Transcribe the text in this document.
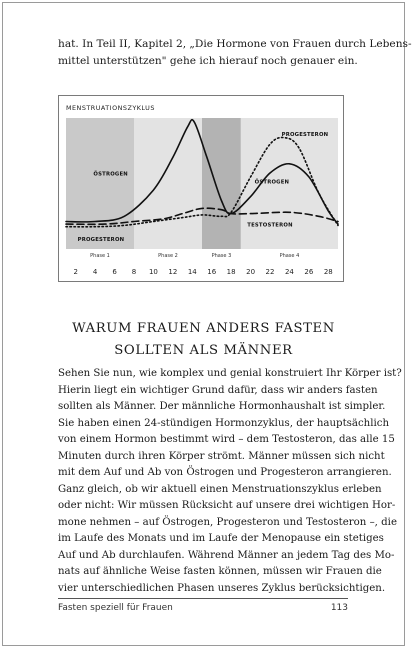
hat. In Teil II, Kapitel 2, „Die Hormone von Frauen durch Lebens-
mittel unterstützen" gehe ich hierauf noch genauer ein.
MENSTRUATIONSZYKLUS
Phase 1	Phase 2	Phase 3	Phase 4
2 4 6 8 10 12 14 16 18 20 22 24 26 28
ÖSTROGEN
PROGESTERON
ÖSTROGEN
TESTOSTERON
PROGESTERON
WARUM FRAUEN ANDERS FASTEN
SOLLTEN ALS MÄNNER
Sehen Sie nun, wie komplex und genial konstruiert Ihr Körper ist?
Hierin liegt ein wichtiger Grund dafür, dass wir anders fasten
sollten als Männer. Der männliche Hormonhaushalt ist simpler.
Sie haben einen 24-stündigen Hormonzyklus, der hauptsächlich
von einem Hormon bestimmt wird – dem Testosteron, das alle 15
Minuten durch ihren Körper strömt. Männer müssen sich nicht
mit dem Auf und Ab von Östrogen und Progesteron arrangieren.
Ganz gleich, ob wir aktuell einen Menstruationszyklus erleben
oder nicht: Wir müssen Rücksicht auf unsere drei wichtigen Hor-
mone nehmen – auf Östrogen, Progesteron und Testosteron –, die
im Laufe des Monats und im Laufe der Menopause ein stetiges
Auf und Ab durchlaufen. Während Männer an jedem Tag des Mo-
nats auf ähnliche Weise fasten können, müssen wir Frauen die
vier unterschiedlichen Phasen unseres Zyklus berücksichtigen.
Fasten speziell für Frauen	113
